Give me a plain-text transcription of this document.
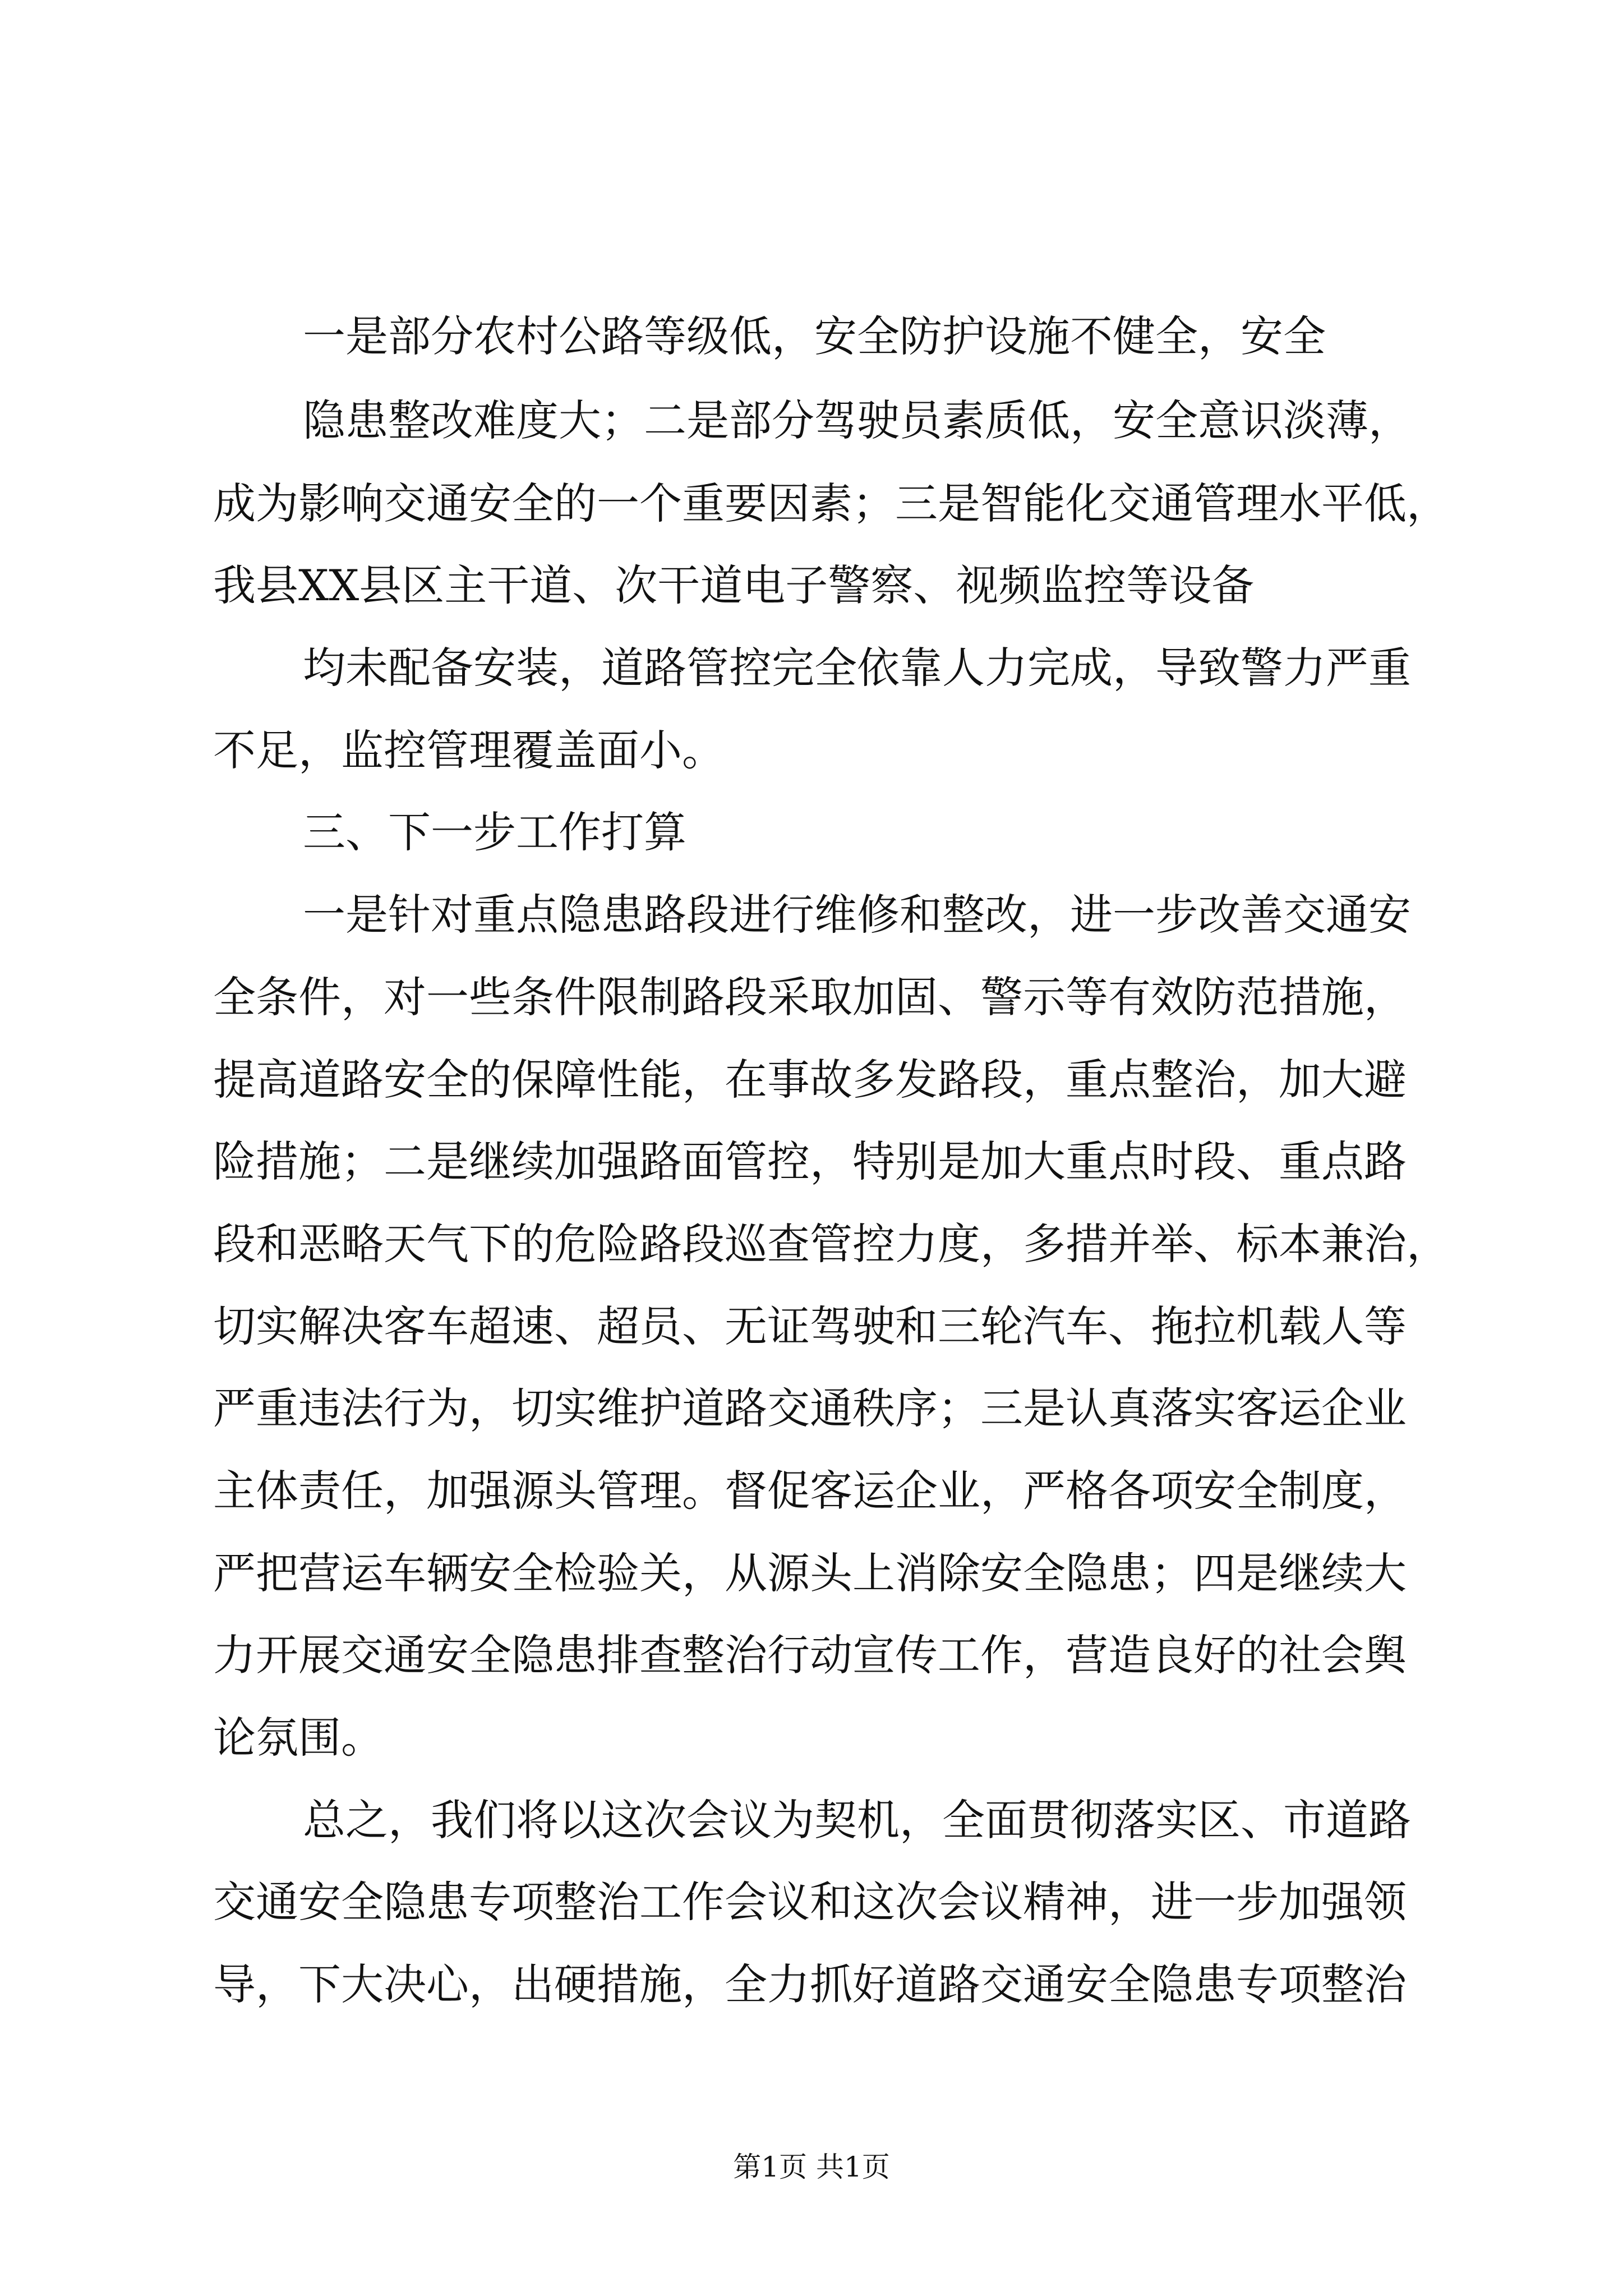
一是部分农村公路等级低，安全防护设施不健全，安全
隐患整改难度大；二是部分驾驶员素质低，安全意识淡薄，
成为影响交通安全的一个重要因素；三是智能化交通管理水平低，
我县XX县区主干道、次干道电子警察、视频监控等设备
均未配备安装，道路管控完全依靠人力完成，导致警力严重
不足，监控管理覆盖面小。
三、下一步工作打算
一是针对重点隐患路段进行维修和整改，进一步改善交通安
全条件，对一些条件限制路段采取加固、警示等有效防范措施，
提高道路安全的保障性能，在事故多发路段，重点整治，加大避
险措施；二是继续加强路面管控，特别是加大重点时段、重点路
段和恶略天气下的危险路段巡查管控力度，多措并举、标本兼治，
切实解决客车超速、超员、无证驾驶和三轮汽车、拖拉机载人等
严重违法行为，切实维护道路交通秩序；三是认真落实客运企业
主体责任，加强源头管理。督促客运企业，严格各项安全制度，
严把营运车辆安全检验关，从源头上消除安全隐患；四是继续大
力开展交通安全隐患排查整治行动宣传工作，营造良好的社会舆
论氛围。
总之，我们将以这次会议为契机，全面贯彻落实区、市道路
交通安全隐患专项整治工作会议和这次会议精神，进一步加强领
导，下大决心，出硬措施，全力抓好道路交通安全隐患专项整治
第1页 共1页
